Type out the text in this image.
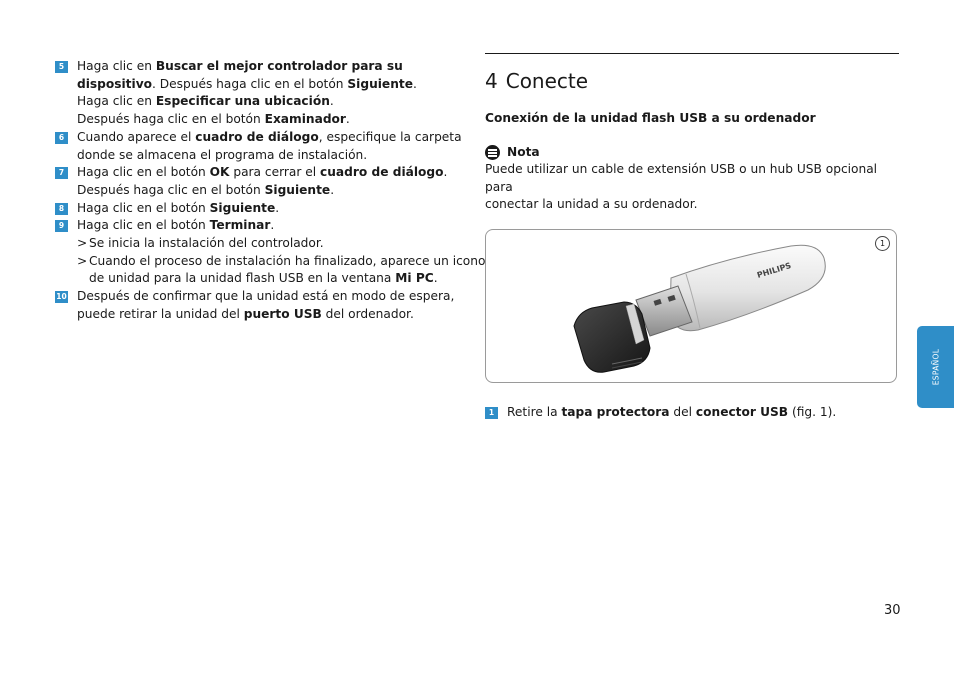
5	Haga clic en Buscar el mejor controlador para su
dispositivo. Después haga clic en el botón Siguiente.
Haga clic en Especificar una ubicación.
Después haga clic en el botón Examinador.
6	Cuando aparece el cuadro de diálogo, especifique la carpeta
donde se almacena el programa de instalación.
7	Haga clic en el botón OK para cerrar el cuadro de diálogo.
Después haga clic en el botón Siguiente.
8	Haga clic en el botón Siguiente.
9	Haga clic en el botón Terminar.
> Se inicia la instalación del controlador.
> Cuando el proceso de instalación ha finalizado, aparece un icono
de unidad para la unidad flash USB en la ventana Mi PC.
10 Después de confirmar que la unidad está en modo de espera,
puede retirar la unidad del puerto USB del ordenador.
4 Conecte
Conexión de la unidad flash USB a su ordenador
Nota
Puede utilizar un cable de extensión USB o un hub USB opcional para
conectar la unidad a su ordenador.
1
PHILIPS
1	Retire la tapa protectora del conector USB (fig. 1).
ESPAÑOL
30
